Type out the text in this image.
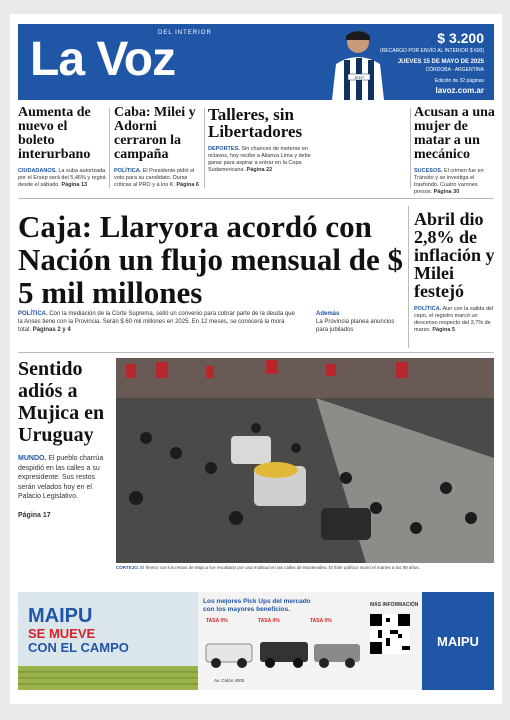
La Voz
DEL INTERIOR
JEEP
$ 3.200
(RECARGO POR ENVÍO AL INTERIOR $ 600)
JUEVES 15 DE MAYO DE 2025
CÓRDOBA - ARGENTINA
Edición de 32 páginas
lavoz.com.ar
Aumenta de nuevo el boleto interurbano

CIUDADANOS. La suba autorizada por el Ersep será del 5,46% y regirá desde el sábado. Página 13

Caba: Milei y Adorni cerraron la campaña

POLÍTICA. El Presidente pidió el voto para su candidato. Duras críticas al PRO y a los K. Página 6

Talleres, sin Libertadores

DEPORTES. Sin chances de meterse en octavos, hoy recibe a Alianza Lima y debe ganar para aspirar a entrar en la Copa Sudamericana. Página 22

Acusan a una mujer de matar a un mecánico

SUCESOS. El crimen fue en Tránsito y se investiga el trasfondo. Cuatro varones presos. Página 30

Caja: Llaryora acordó con Nación un flujo mensual de $ 5 mil millones
POLÍTICA. Con la mediación de la Corte Suprema, selló un convenio para cobrar parte de la deuda que la Anses tiene con la Provincia. Serán $ 60 mil millones en 2025. En 12 meses, se conocerá la mora total. Páginas 2 y 4
Además
La Provincia planea anuncios para jubilados
Abril dio 2,8% de inflación y Milei festejó
POLÍTICA. Aun con la salida del cepo, el registro marcó un descenso respecto del 3,7% de marzo. Página 5
Sentido adiós a Mujica en Uruguay
MUNDO. El pueblo charrúa despidió en las calles a su expresidente. Sus restos serán velados hoy en el Palacio Legislativo.

Página 17
CORTEJO. El féretro con los restos de Mujica fue escoltado por una multitud en las calles de Montevideo. El líder político murió el martes a los 89 años.
MAIPU
SE MUEVE
CON EL CAMPO
Los mejores Pick Ups del mercado
con los mayores beneficios.
TASA 0%	TASA 0%	TASA 0%
Av. Colón 4000
MÁS INFORMACIÓN
MAIPU
